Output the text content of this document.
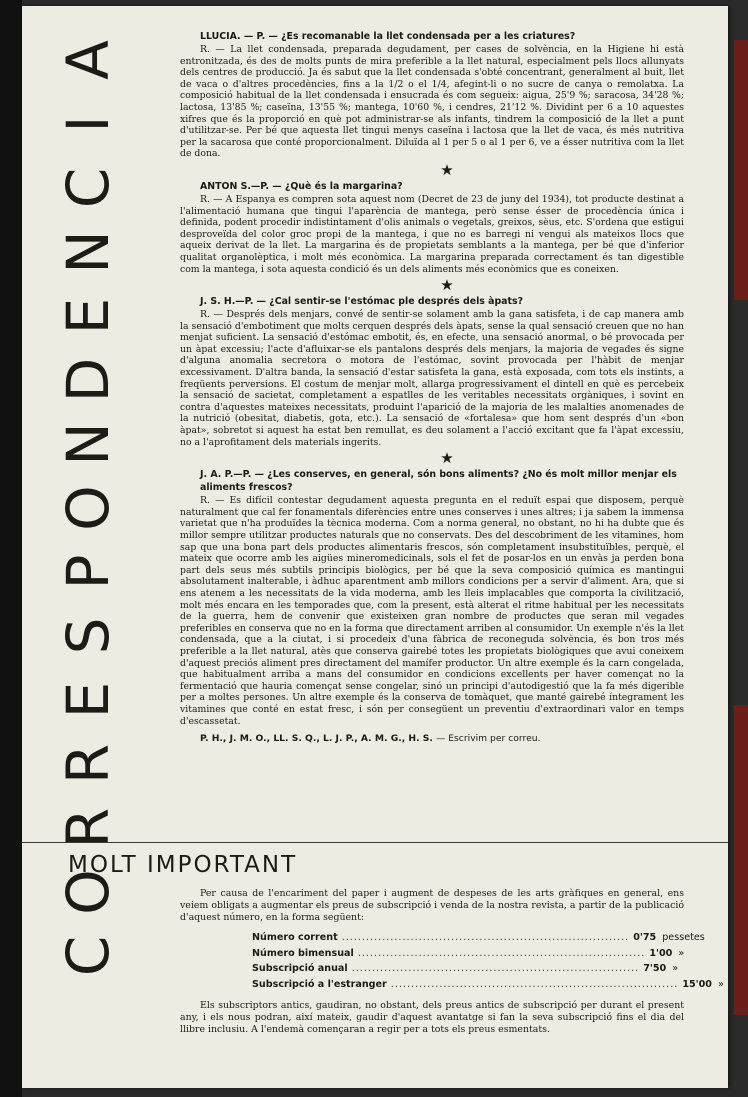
A
I
C
N
E
D
N
O
P
S
E
R
R
O
C

LLUCIA. — P. — ¿Es recomanable la llet condensada per a les criatures?

R. — La llet condensada, preparada degudament, per cases de solvència, en la Higiene hi està entronitzada, és des de molts punts de mira preferible a la llet natural, especialment pels llocs allunyats dels centres de producció. Ja és sabut que la llet condensada s'obté concentrant, generalment al buit, llet de vaca o d'altres procedències, fins a la 1/2 o el 1/4, afegint-li o no sucre de canya o remolatxa. La composició habitual de la llet condensada i ensucrada és com segueix: aigua, 25'9 %; saracosa, 34'28 %; lactosa, 13'85 %; caseïna, 13'55 %; mantega, 10'60 %, i cendres, 21'12 %. Dividint per 6 a 10 aquestes xifres que és la proporció en què pot administrar-se als infants, tindrem la composició de la llet a punt d'utilitzar-se. Per bé que aquesta llet tingui menys caseïna i lactosa que la llet de vaca, és més nutritiva per la sacarosa que conté proporcionalment. Diluïda al 1 per 5 o al 1 per 6, ve a ésser nutritiva com la llet de dona.

★

ANTON S.—P. — ¿Què és la margarina?

R. — A Espanya es compren sota aquest nom (Decret de 23 de juny del 1934), tot producte destinat a l'alimentació humana que tingui l'aparència de mantega, però sense ésser de procedència única i definida, podent procedir indistintament d'olis animals o vegetals, greixos, sèus, etc. S'ordena que estigui desproveïda del color groc propi de la mantega, i que no es barregi ni vengui als mateixos llocs que aqueix derivat de la llet. La margarina és de propietats semblants a la mantega, per bé que d'inferior qualitat organolèptica, i molt més econòmica. La margarina preparada correctament és tan digestible com la mantega, i sota aquesta condició és un dels aliments més econòmics que es coneixen.

★

J. S. H.—P. — ¿Cal sentir-se l'estómac ple després dels àpats?

R. — Després dels menjars, convé de sentir-se solament amb la gana satisfeta, i de cap manera amb la sensació d'embotiment que molts cerquen després dels àpats, sense la qual sensació creuen que no han menjat suficient. La sensació d'estómac embotit, és, en efecte, una sensació anormal, o bé provocada per un àpat excessiu; l'acte d'afluixar-se els pantalons després dels menjars, la majoria de vegades és signe d'alguna anomalia secretora o motora de l'estómac, sovint provocada per l'hàbit de menjar excessivament. D'altra banda, la sensació d'estar satisfeta la gana, està exposada, com tots els instints, a freqüents perversions. El costum de menjar molt, allarga progressivament el dintell en què es percebeix la sensació de sacietat, completament a espatlles de les veritables necessitats orgàniques, i sovint en contra d'aquestes mateixes necessitats, produint l'aparició de la majoria de les malalties anomenades de la nutrició (obesitat, diabetis, gota, etc.). La sensació de «fortalesa» que hom sent després d'un «bon àpat», sobretot si aquest ha estat ben remullat, es deu solament a l'acció excitant que fa l'àpat excessiu, no a l'aprofitament dels materials ingerits.

★

J. A. P.—P. — ¿Les conserves, en general, són bons aliments? ¿No és molt millor menjar els aliments frescos?

R. — Es difícil contestar degudament aquesta pregunta en el reduït espai que disposem, perquè naturalment que cal fer fonamentals diferències entre unes conserves i unes altres; i ja sabem la immensa varietat que n'ha produïdes la tècnica moderna. Com a norma general, no obstant, no hi ha dubte que és millor sempre utilitzar productes naturals que no conservats. Des del descobriment de les vitamines, hom sap que una bona part dels productes alimentaris frescos, són completament insubstituïbles, perquè, el mateix que ocorre amb les aigües mineromedicinals, sols el fet de posar-los en un envàs ja perden bona part dels seus més subtils principis biològics, per bé que la seva composició química es mantingui absolutament inalterable, i àdhuc aparentment amb millors condicions per a servir d'aliment. Ara, que si ens atenem a les necessitats de la vida moderna, amb les lleis implacables que comporta la civilització, molt més encara en les temporades que, com la present, està alterat el ritme habitual per les necessitats de la guerra, hem de convenir que existeixen gran nombre de productes que seran mil vegades preferibles en conserva que no en la forma que directament arriben al consumidor. Un exemple n'és la llet condensada, que a la ciutat, i si procedeix d'una fàbrica de reconeguda solvència, és bon tros més preferible a la llet natural, atès que conserva gairebé totes les propietats biològiques que avui coneixem d'aquest preciós aliment pres directament del mamífer productor. Un altre exemple és la carn congelada, que habitualment arriba a mans del consumidor en condicions excellents per haver començat no la fermentació que hauria començat sense congelar, sinó un principi d'autodigestió que la fa més digerible per a moltes persones. Un altre exemple és la conserva de tomàquet, que manté gairebé íntegrament les vitamines que conté en estat fresc, i són per consegüent un preventiu d'extraordinari valor en temps d'escassetat.

P. H., J. M. O., LL. S. Q., L. J. P., A. M. G., H. S. — Escrivim per correu.

MOLT IMPORTANT

Per causa de l'encariment del paper i augment de despeses de les arts gràfiques en general, ens veiem obligats a augmentar els preus de subscripció i venda de la nostra revista, a partir de la publicació d'aquest número, en la forma següent:

Número corrent ....................................................................... 0'75 pessetes
Número bimensual ....................................................................... 1'00 »
Subscripció anual ....................................................................... 7'50 »
Subscripció a l'estranger ....................................................................... 15'00 »

Els subscriptors antics, gaudiran, no obstant, dels preus antics de subscripció per durant el present any, i els nous podran, així mateix, gaudir d'aquest avantatge si fan la seva subscripció fins el dia del llibre inclusiu. A l'endemà començaran a regir per a tots els preus esmentats.
